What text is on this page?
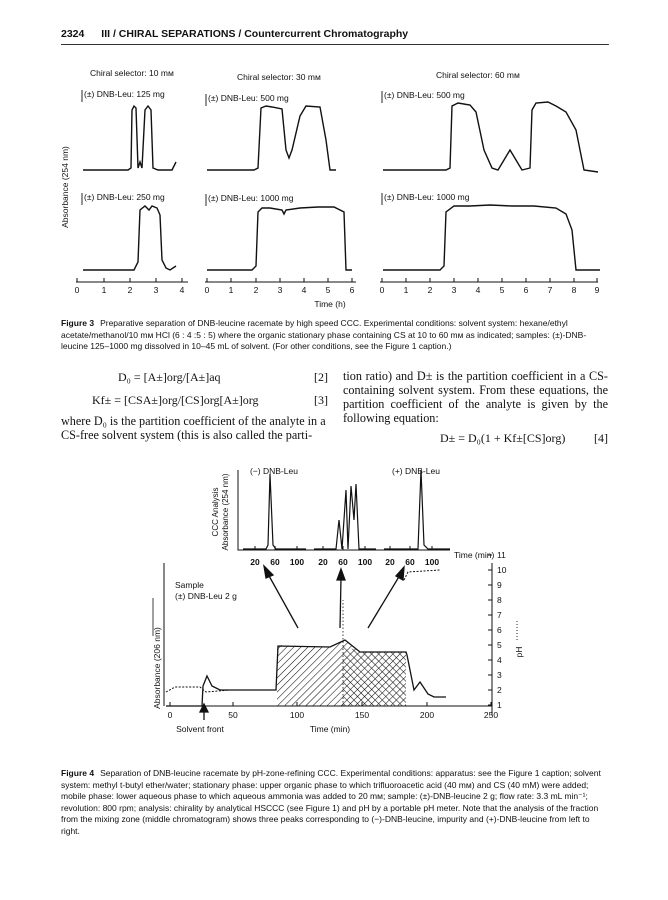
2324 III / CHIRAL SEPARATIONS / Countercurrent Chromatography
Chiral selector: 10 mм	Chiral selector: 30 mм	Chiral selector: 60 mм
(±) DNB-Leu: 125 mg	(±) DNB-Leu: 500 mg	(±) DNB-Leu: 500 mg
(±) DNB-Leu: 250 mg	(±) DNB-Leu: 1000 mg	(±) DNB-Leu: 1000 mg
0	1	2	3	4 0 1 2 3 4 5 6	0 1 2 3 4 5 6 7 8 9
Time (h)
Absorbance (254 nm)
(−) DNB-Leu	(+) DNB-Leu
Time (min)
CCC Analysis Absorbance (254 nm)
20 60 100 20 60 100 20 60 100
Sample
(±) DNB-Leu 2 g
Absorbance (206 nm)	pH
0	50	100	150	200	250
Solvent front	Time (min)
11
10
9
8
7
6
5
4
3
2
1
Figure 3 Preparative separation of DNB-leucine racemate by high speed CCC. Experimental conditions: solvent system: hexane/ethyl acetate/methanol/10 mм HCl (6 : 4 :5 : 5) where the organic stationary phase containing CS at 10 to 60 mм as indicated; samples: (±)-DNB-leucine 125–1000 mg dissolved in 10–45 mL of solvent. (For other conditions, see the Figure 1 caption.)
D₀ = [A±]org/[A±]aq	[2]
Kf± = [CSA±]org/[CS]org[A±]org	[3]
where D₀ is the partition coefficient of the analyte in a CS-free solvent system (this is also called the parti-
tion ratio) and D± is the partition coefficient in a CS-containing solvent system. From these equations, the partition coefficient of the analyte is given by the following equation:
D± = D₀(1 + Kf±[CS]org) [4]
Figure 4 Separation of DNB-leucine racemate by pH-zone-refining CCC. Experimental conditions: apparatus: see the Figure 1 caption; solvent system: methyl t-butyl ether/water; stationary phase: upper organic phase to which trifluoroacetic acid (40 mм) and CS (40 mM) were added; mobile phase: lower aqueous phase to which aqueous ammonia was added to 20 mм; sample: (±)-DNB-leucine 2 g; flow rate: 3.3 mL min⁻¹; revolution: 800 rpm; analysis: chirality by analytical HSCCC (see Figure 1) and pH by a portable pH meter. Note that the analysis of the fraction from the mixing zone (middle chromatogram) shows three peaks corresponding to (−)-DNB-leucine, impurity and (+)-DNB-leucine from left to right.
